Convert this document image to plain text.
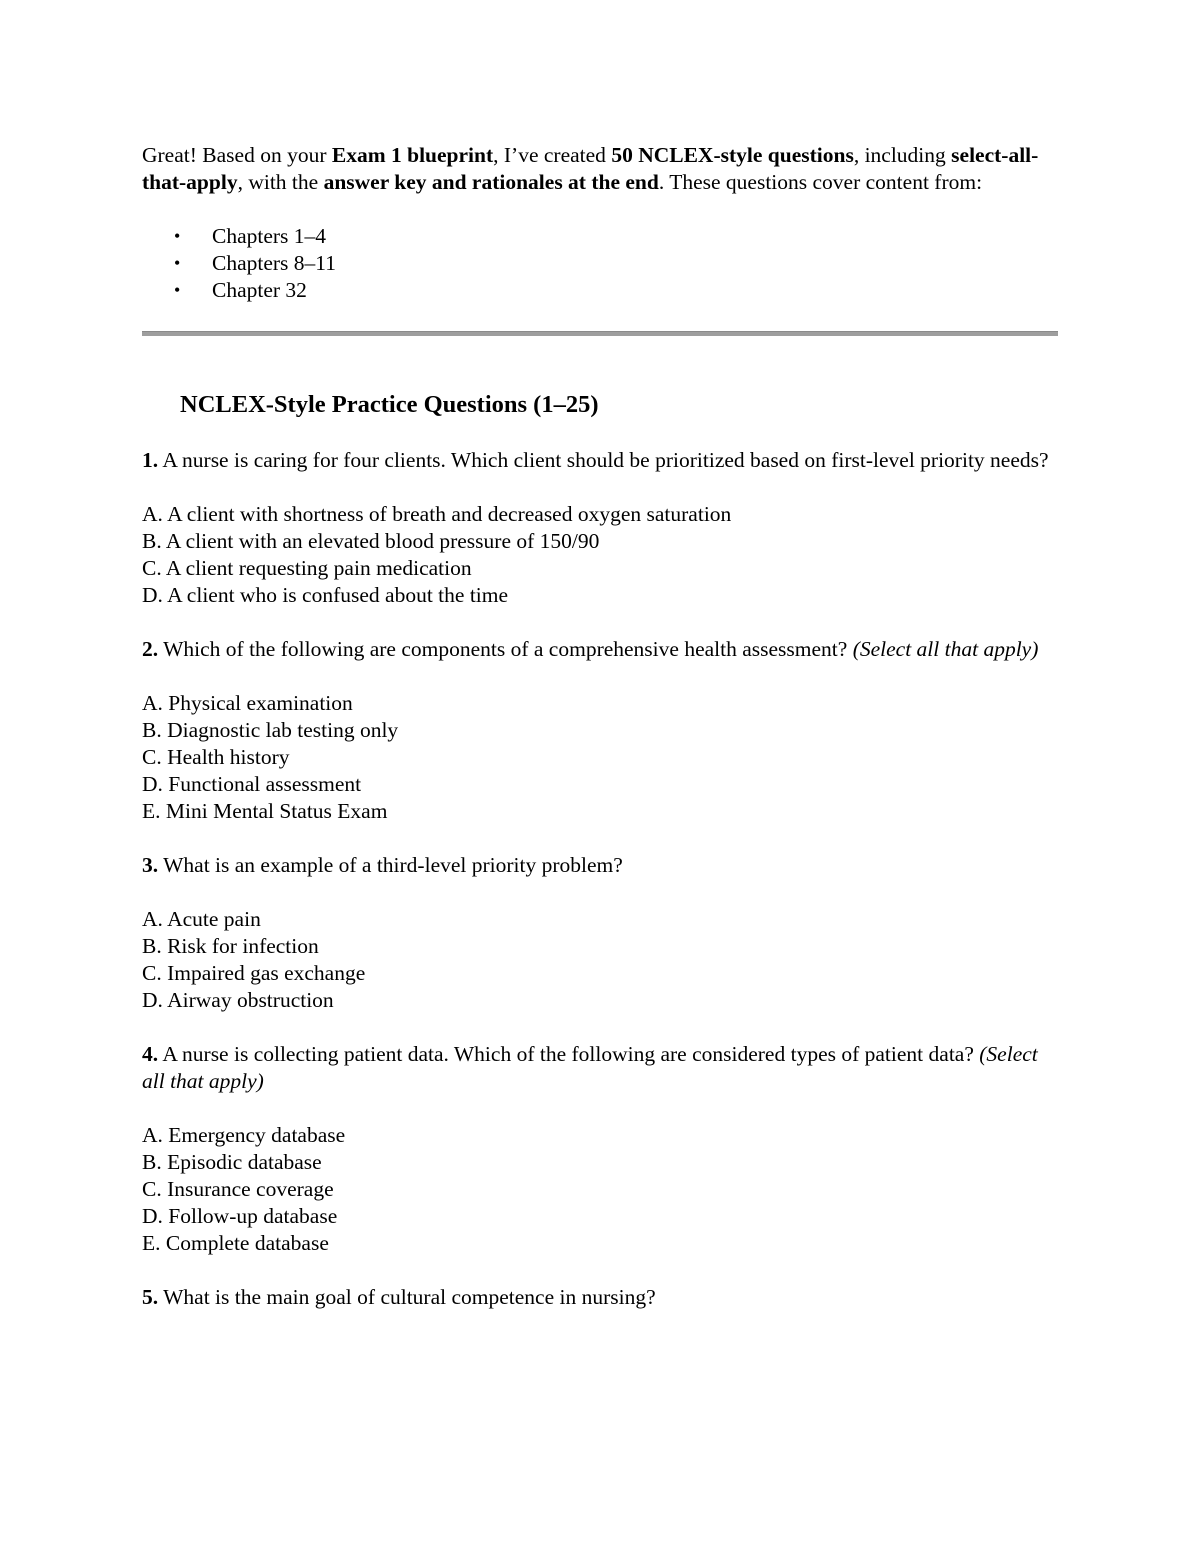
Great! Based on your Exam 1 blueprint, I’ve created 50 NCLEX-style questions, including select-all-that-apply, with the answer key and rationales at the end. These questions cover content from:

• Chapters 1–4
• Chapters 8–11
• Chapter 32
NCLEX-Style Practice Questions (1–25)

1. A nurse is caring for four clients. Which client should be prioritized based on first-level priority needs?

A. A client with shortness of breath and decreased oxygen saturation
B. A client with an elevated blood pressure of 150/90
C. A client requesting pain medication
D. A client who is confused about the time

2. Which of the following are components of a comprehensive health assessment? (Select all that apply)

A. Physical examination
B. Diagnostic lab testing only
C. Health history
D. Functional assessment
E. Mini Mental Status Exam

3. What is an example of a third-level priority problem?

A. Acute pain
B. Risk for infection
C. Impaired gas exchange
D. Airway obstruction

4. A nurse is collecting patient data. Which of the following are considered types of patient data? (Select all that apply)

A. Emergency database
B. Episodic database
C. Insurance coverage
D. Follow-up database
E. Complete database

5. What is the main goal of cultural competence in nursing?
